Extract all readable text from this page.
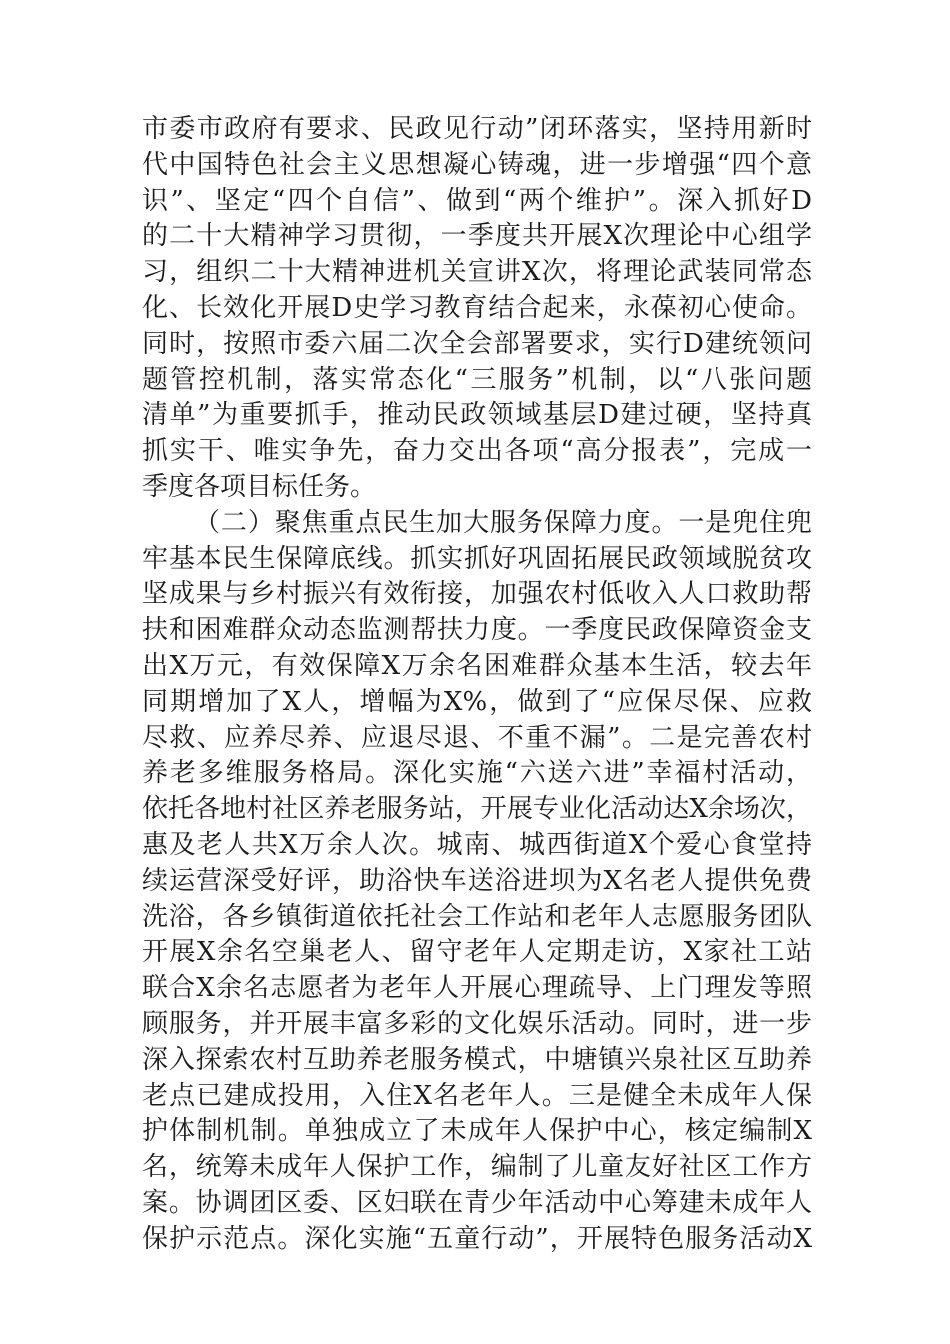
市委市政府有要求、民政见行动”闭环落实，坚持用新时
代中国特色社会主义思想凝心铸魂，进一步增强“四个意
识”、坚定“四个自信”、做到“两个维护”。深入抓好D
的二十大精神学习贯彻，一季度共开展X次理论中心组学
习，组织二十大精神进机关宣讲X次，将理论武装同常态
化、长效化开展D史学习教育结合起来，永葆初心使命。
同时，按照市委六届二次全会部署要求，实行D建统领问
题管控机制，落实常态化“三服务”机制，以“八张问题
清单”为重要抓手，推动民政领域基层D建过硬，坚持真
抓实干、唯实争先，奋力交出各项“高分报表”，完成一
季度各项目标任务。
（二）聚焦重点民生加大服务保障力度。一是兜住兜
牢基本民生保障底线。抓实抓好巩固拓展民政领域脱贫攻
坚成果与乡村振兴有效衔接，加强农村低收入人口救助帮
扶和困难群众动态监测帮扶力度。一季度民政保障资金支
出X万元，有效保障X万余名困难群众基本生活，较去年
同期增加了X人，增幅为X%，做到了“应保尽保、应救
尽救、应养尽养、应退尽退、不重不漏”。二是完善农村
养老多维服务格局。深化实施“六送六进”幸福村活动，
依托各地村社区养老服务站，开展专业化活动达X余场次，
惠及老人共X万余人次。城南、城西街道X个爱心食堂持
续运营深受好评，助浴快车送浴进坝为X名老人提供免费
洗浴，各乡镇街道依托社会工作站和老年人志愿服务团队
开展X余名空巢老人、留守老年人定期走访，X家社工站
联合X余名志愿者为老年人开展心理疏导、上门理发等照
顾服务，并开展丰富多彩的文化娱乐活动。同时，进一步
深入探索农村互助养老服务模式，中塘镇兴泉社区互助养
老点已建成投用，入住X名老年人。三是健全未成年人保
护体制机制。单独成立了未成年人保护中心，核定编制X
名，统筹未成年人保护工作，编制了儿童友好社区工作方
案。协调团区委、区妇联在青少年活动中心筹建未成年人
保护示范点。深化实施“五童行动”，开展特色服务活动X
